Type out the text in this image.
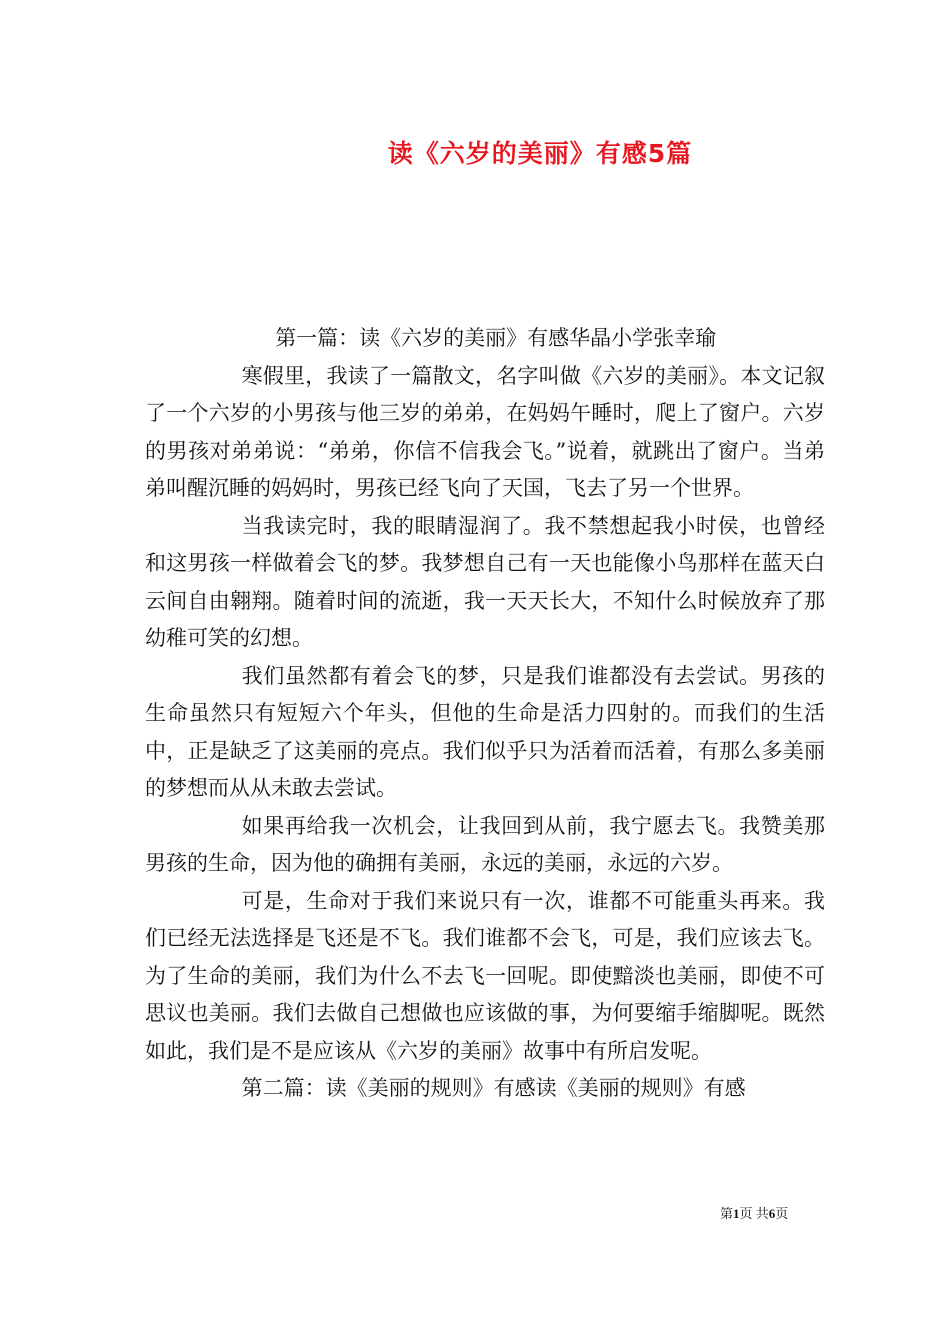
读《六岁的美丽》有感5篇

第一篇：读《六岁的美丽》有感华晶小学张幸瑜

寒假里，我读了一篇散文，名字叫做《六岁的美丽》。本文记叙了一个六岁的小男孩与他三岁的弟弟，在妈妈午睡时，爬上了窗户。六岁的男孩对弟弟说：“弟弟，你信不信我会飞。”说着，就跳出了窗户。当弟弟叫醒沉睡的妈妈时，男孩已经飞向了天国，飞去了另一个世界。

当我读完时，我的眼睛湿润了。我不禁想起我小时侯，也曾经和这男孩一样做着会飞的梦。我梦想自己有一天也能像小鸟那样在蓝天白云间自由翱翔。随着时间的流逝，我一天天长大，不知什么时候放弃了那幼稚可笑的幻想。

我们虽然都有着会飞的梦，只是我们谁都没有去尝试。男孩的生命虽然只有短短六个年头，但他的生命是活力四射的。而我们的生活中，正是缺乏了这美丽的亮点。我们似乎只为活着而活着，有那么多美丽的梦想而从从未敢去尝试。

如果再给我一次机会，让我回到从前，我宁愿去飞。我赞美那男孩的生命，因为他的确拥有美丽，永远的美丽，永远的六岁。

可是，生命对于我们来说只有一次，谁都不可能重头再来。我们已经无法选择是飞还是不飞。我们谁都不会飞，可是，我们应该去飞。为了生命的美丽，我们为什么不去飞一回呢。即使黯淡也美丽，即使不可思议也美丽。我们去做自己想做也应该做的事，为何要缩手缩脚呢。既然如此，我们是不是应该从《六岁的美丽》故事中有所启发呢。

第二篇：读《美丽的规则》有感读《美丽的规则》有感

第1页 共6页
